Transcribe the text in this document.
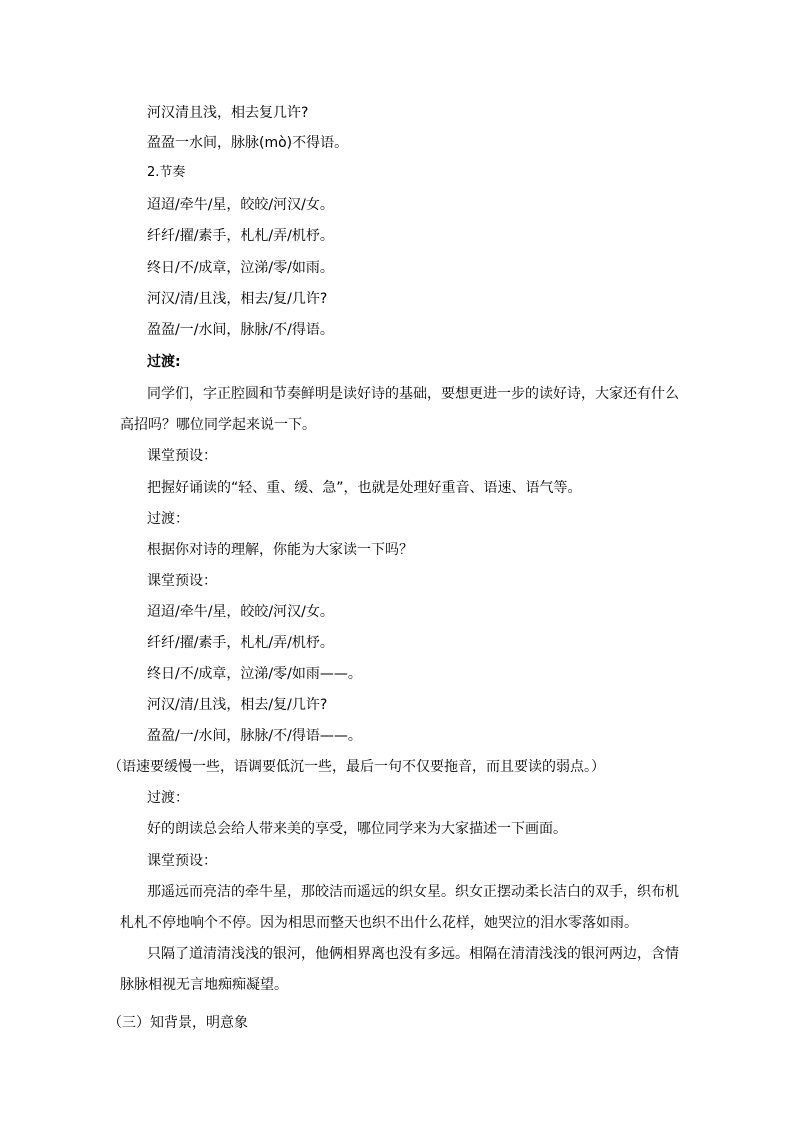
河汉清且浅，相去复几许?
盈盈一水间，脉脉(mò)不得语。
2.节奏
迢迢/牵牛/星，皎皎/河汉/女。
纤纤/擢/素手，札札/弄/机杼。
终日/不/成章，泣涕/零/如雨。
河汉/清/且浅，相去/复/几许?
盈盈/一/水间，脉脉/不/得语。
过渡:
同学们，字正腔圆和节奏鲜明是读好诗的基础，要想更进一步的读好诗，大家还有什么
高招吗？哪位同学起来说一下。
课堂预设：
把握好诵读的“轻、重、缓、急”，也就是处理好重音、语速、语气等。
过渡：
根据你对诗的理解，你能为大家读一下吗？
课堂预设：
迢迢/牵牛/星，皎皎/河汉/女。
纤纤/擢/素手，札札/弄/机杼。
终日/不/成章，泣涕/零/如雨——。
河汉/清/且浅，相去/复/几许?
盈盈/一/水间，脉脉/不/得语——。
（语速要缓慢一些，语调要低沉一些，最后一句不仅要拖音，而且要读的弱点。）
过渡：
好的朗读总会给人带来美的享受，哪位同学来为大家描述一下画面。
课堂预设：
那遥远而亮洁的牵牛星，那皎洁而遥远的织女星。织女正摆动柔长洁白的双手，织布机
札札不停地响个不停。因为相思而整天也织不出什么花样，她哭泣的泪水零落如雨。
只隔了道清清浅浅的银河，他俩相界离也没有多远。相隔在清清浅浅的银河两边，含情
脉脉相视无言地痴痴凝望。
（三）知背景，明意象
